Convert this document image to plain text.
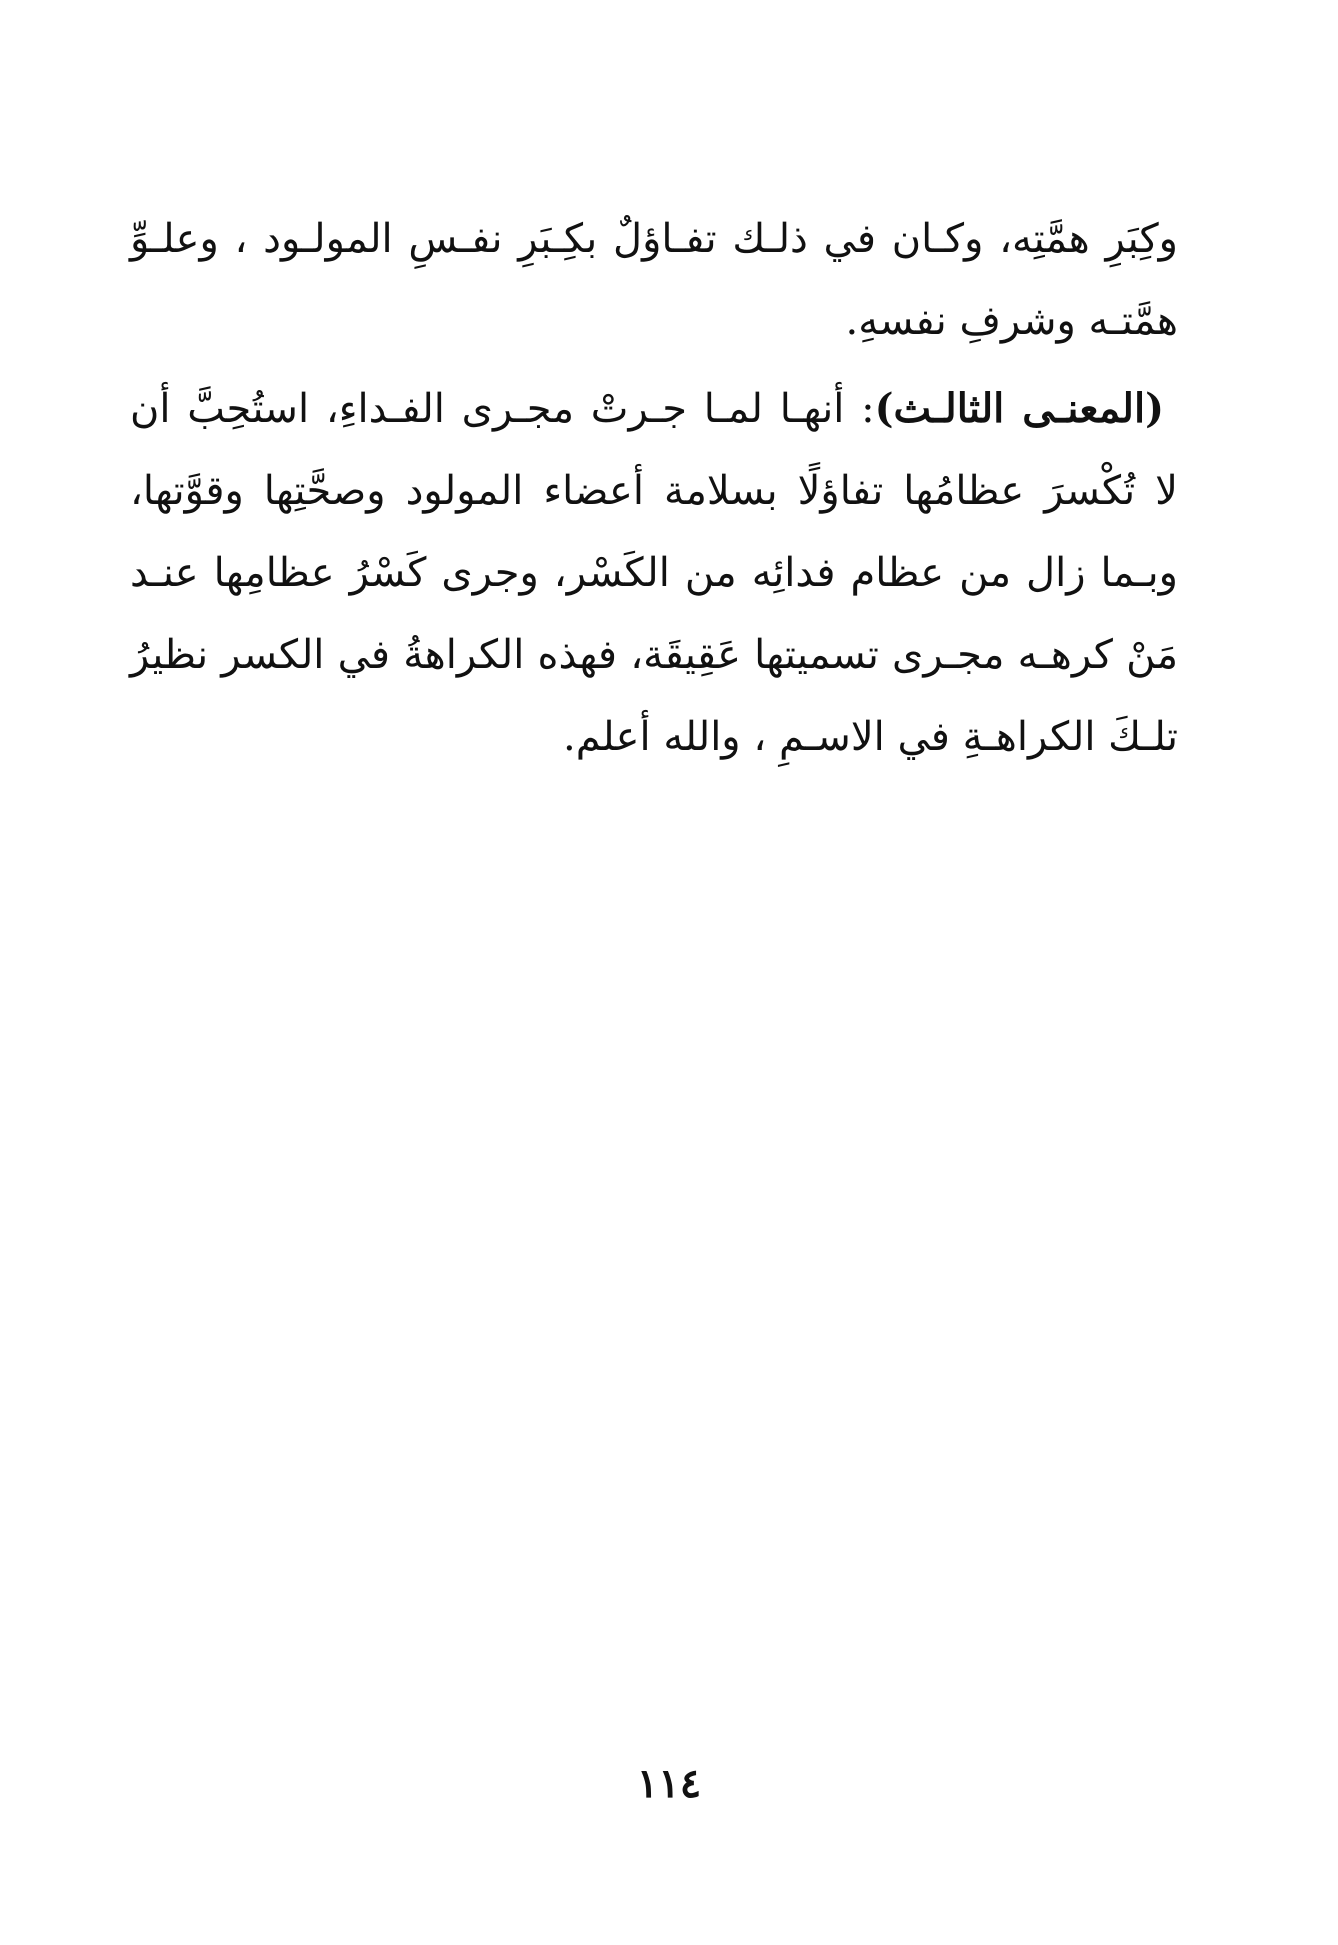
وكِبَرِ همَّتِه، وكـان في ذلـك تفـاؤلٌ بكِـبَرِ نفـسِ المولـود ، وعلـوِّ همَّتـه وشرفِ نفسهِ.

(المعنـى الثالـث): أنهـا لمـا جـرتْ مجـرى الفـداءِ، استُحِبَّ أن لا تُكْسرَ عظامُها تفاؤلًا بسلامة أعضاء المولود وصحَّتِها وقوَّتها، وبـما زال من عظام فدائِه من الكَسْر، وجرى كَسْرُ عظامِها عنـد مَنْ كرهـه مجـرى تسميتها عَقِيقَة، فهذه الكراهةُ في الكسر نظيرُ تلـكَ الكراهـةِ في الاسـمِ ، والله أعلم.

١١٤
